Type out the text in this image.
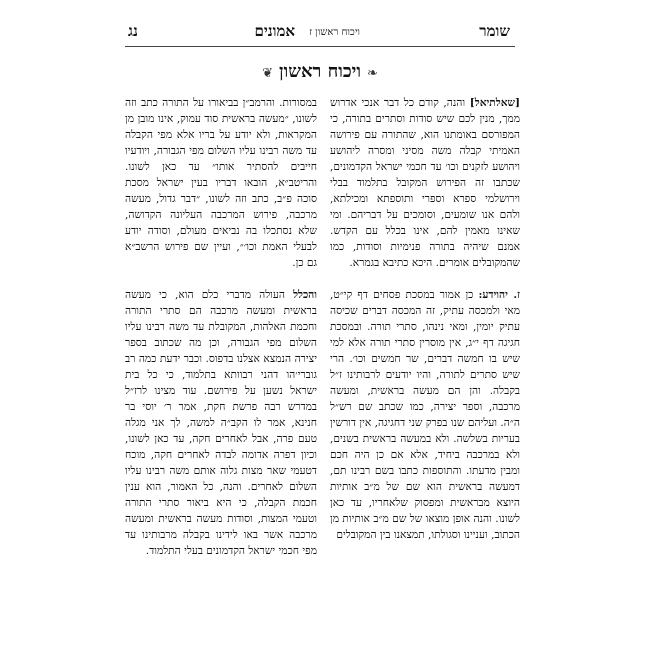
שומר
ויכוח ראשון ז
אמונים
נג
❧ויכוח ראשון❦

[שאלתיאל] והנה, קודם כל דבר אנכי אדרוש ממך, מנין לכם שיש סודות וסתרים בתורה, כי המפורסם באומתנו הוא, שהתורה עם פירושה האמיתי קבלה משה מסיני ומסרה ליהושע ויהושע לזקנים וכו׳ עד חכמי ישראל הקדמונים, שכתבו זה הפירוש המקובל בתלמוד בבלי וירושלמי ספרא וספרי ותוספתא ומכילתא, ולהם אנו שומעים, וסומכים על דבריהם. ומי שאינו מאמין להם, אינו בכלל עם הקדש. אמנם שיהיה בתורה פנימיות וסודות, כמו שהמקובלים אומרים. היכא כתיבא בגמרא.

ז. יהוידע: כן אמור במסכת פסחים דף קי״ט, מאי ולמכסה עתיק, זה המכסה דברים שכיסה עתיק יומין, ומאי נינהו, סתרי תורה. ובמסכת חגיגה דף י״ג, אין מוסרין סתרי תורה אלא למי שיש בו חמשה דברים, שר חמשים וכו׳. הרי שיש סתרים לתורה, והיו יודעים לרבותינו ז״ל בקבלה. והן הם מעשה בראשית, ומעשה מרכבה, וספר יצירה, כמו שכתב שם רש״ל ה״ה. ועליהם שנו בפרק שני דחגיגה, אין דורשין בעריות בשלשה. ולא במעשה בראשית בשנים, ולא במרכבה ביחיד, אלא אם כן היה חכם ומבין מדעתו. והתוספות כתבו בשם רבינו תם, דמעשה בראשית הוא שם של מ״ב אותיות היוצא מבראשית ומפסוק שלאחריו, עד כאן לשונו. והנה אופן מוצאו של שם מ״ב אותיות מן הכתוב, ועניינו וסגולתו, תמצאנו בין המקובלים

במסורות. והרמב״ן בביאורו על התורה כתב וזה לשונו, ״מעשה בראשית סוד עמוק, אינו מובן מן המקראות, ולא יודע על בריו אלא מפי הקבלה עד משה רבינו עליו השלום מפי הגבורה, ויודעיו חייבים להסתיר אותו״ עד כאן לשונו. והריטב״א, הובאו דבריו בעין ישראל מסכת סוכה פ״ב, כתב וזה לשונו, ״דבר גדול, מעשה מרכבה, פירוש המרכבה העליונה הקדושה, שלא נסתכלו בה נביאים מעולם, וסודה יודע לבעלי האמת וכו׳״, ועיין שם פירוש הרשב״א גם כן.

והכלל העולה מדברי כלם הוא, כי מעשה בראשית ומעשה מרכבה הם סתרי התורה וחכמת האלהות, המקובלת עד משה רבינו עליו השלום מפי הגבורה, וכן מה שכתוב בספר יצירה הנמצא אצלנו בדפוס. וכבר ידעת כמה רב גוברי׳הו דהני רבוותא בתלמוד, כי כל בית ישראל נשען על פירושם. עוד מצינו לרז״ל במדרש רבה פרשת חקת, אמר ר׳ יוסי בר חנינא, אמר לו הקב״ה למשה, לך אני מגלה טעם פרה, אבל לאחרים חקה, עד כאן לשונו, וכיון דפרה אדומה לבדה לאחרים חקה, מוכח דטעמי שאר מצות גלוה אותם משה רבינו עליו השלום לאחרים. והנה, כל האמור, הוא ענין חכמת הקבלה, כי היא ביאור סתרי התורה וטעמי המצות, וסודות מעשה בראשית ומעשה מרכבה אשר באו לידינו בקבלה מרבותינו עד מפי חכמי ישראל הקדמונים בעלי התלמוד.
